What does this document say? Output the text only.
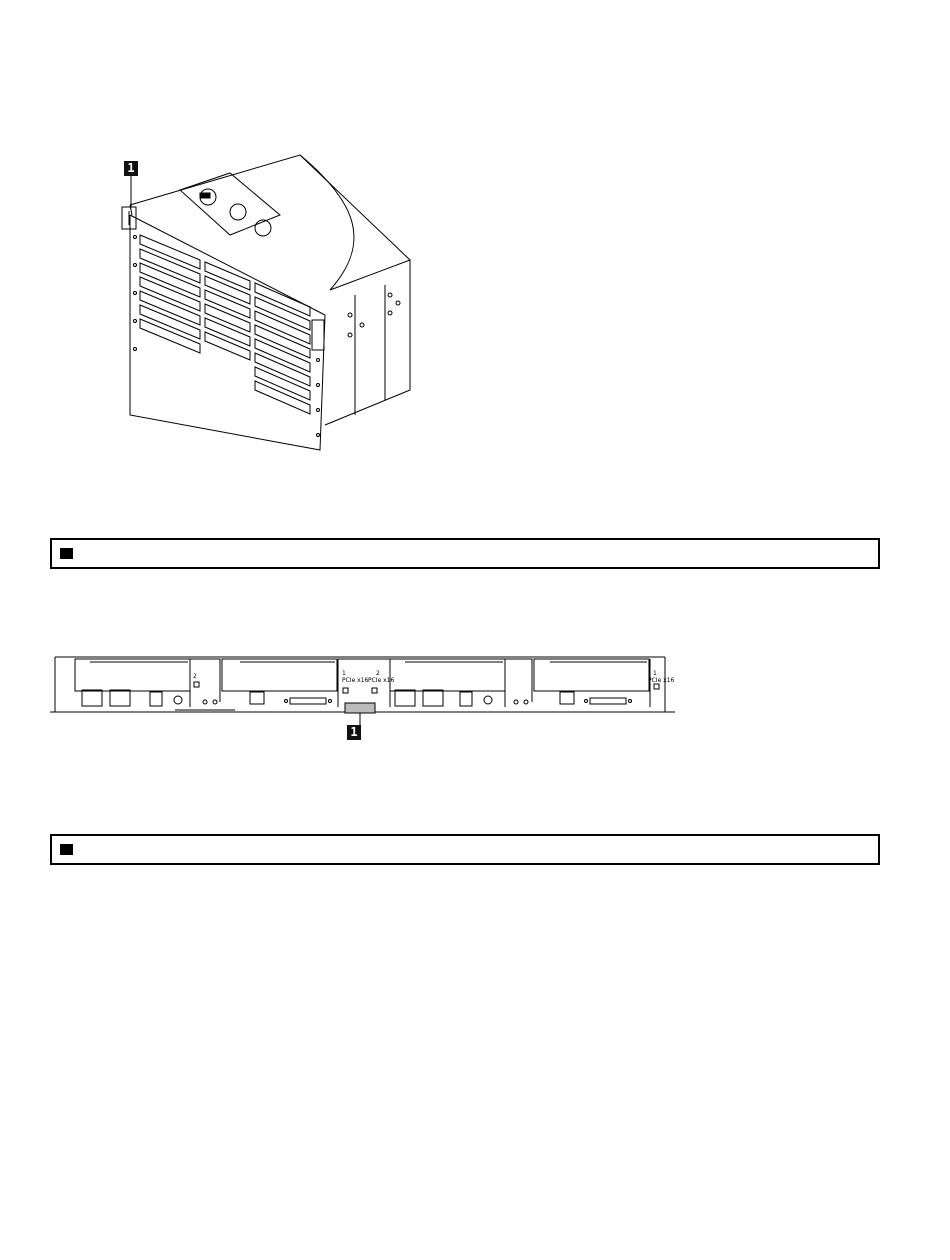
1
2	1
PCIe x16
2
PCIe x16
1
PCIe x16
1
